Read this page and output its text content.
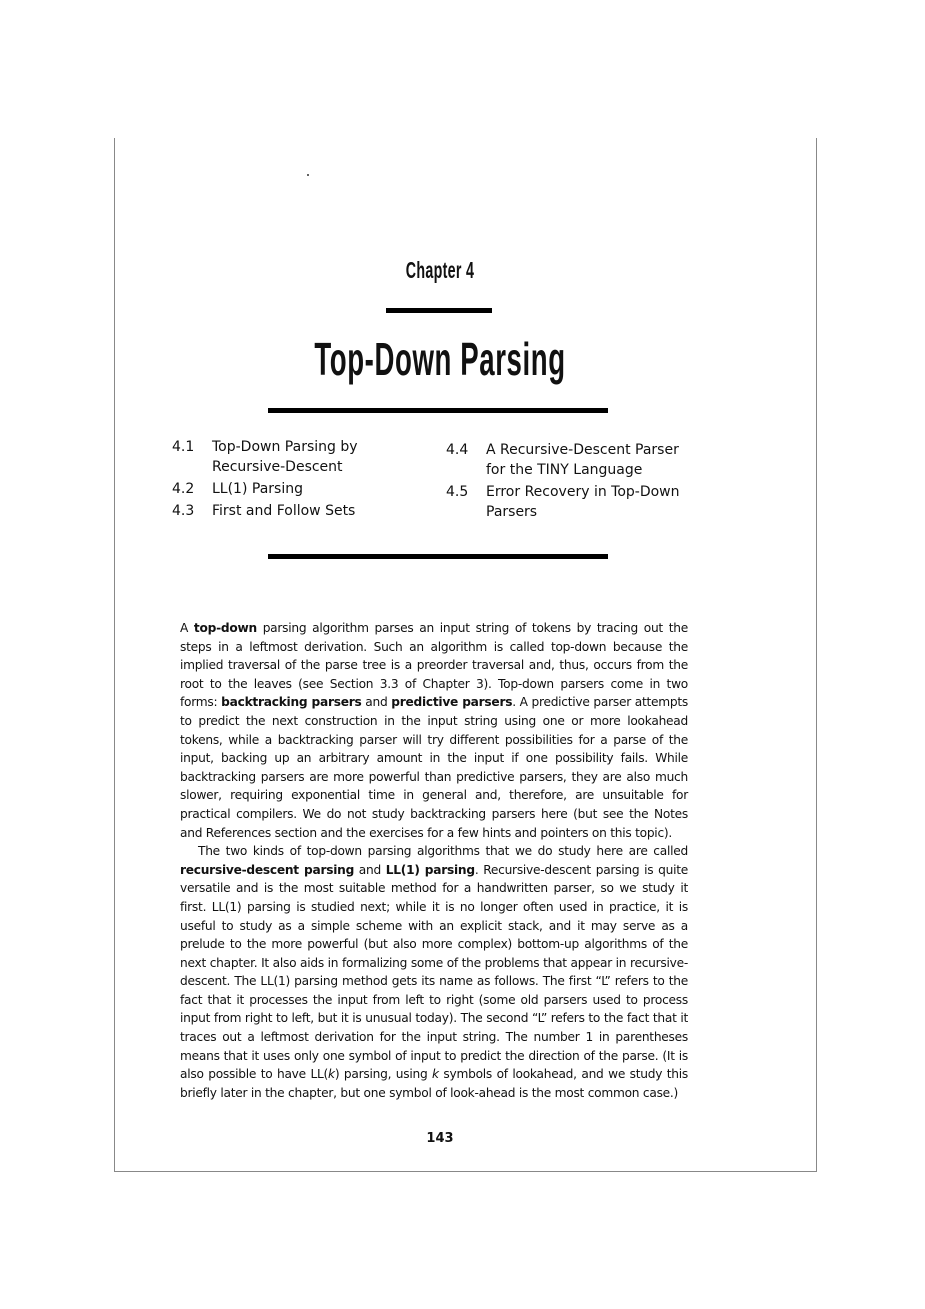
Chapter 4
Top-Down Parsing
4.1	Top-Down Parsing by Recursive-Descent
4.2	LL(1) Parsing
4.3	First and Follow Sets
4.4	A Recursive-Descent Parser for the TINY Language
4.5	Error Recovery in Top-Down Parsers

A top-down parsing algorithm parses an input string of tokens by tracing out the steps in a leftmost derivation. Such an algorithm is called top-down because the implied traversal of the parse tree is a preorder traversal and, thus, occurs from the root to the leaves (see Section 3.3 of Chapter 3). Top-down parsers come in two forms: backtracking parsers and predictive parsers. A predictive parser attempts to predict the next construction in the input string using one or more lookahead tokens, while a backtracking parser will try different possibilities for a parse of the input, backing up an arbitrary amount in the input if one possibility fails. While backtracking parsers are more powerful than predictive parsers, they are also much slower, requiring exponential time in general and, therefore, are unsuitable for practical compilers. We do not study backtracking parsers here (but see the Notes and References section and the exercises for a few hints and pointers on this topic).

The two kinds of top-down parsing algorithms that we do study here are called recursive-descent parsing and LL(1) parsing. Recursive-descent parsing is quite versatile and is the most suitable method for a handwritten parser, so we study it first. LL(1) parsing is studied next; while it is no longer often used in practice, it is useful to study as a simple scheme with an explicit stack, and it may serve as a prelude to the more powerful (but also more complex) bottom-up algorithms of the next chapter. It also aids in formalizing some of the problems that appear in recursive-descent. The LL(1) parsing method gets its name as follows. The first “L” refers to the fact that it processes the input from left to right (some old parsers used to process input from right to left, but it is unusual today). The second “L” refers to the fact that it traces out a leftmost derivation for the input string. The number 1 in parentheses means that it uses only one symbol of input to predict the direction of the parse. (It is also possible to have LL(k) parsing, using k symbols of lookahead, and we study this briefly later in the chapter, but one symbol of look-ahead is the most common case.)

143
